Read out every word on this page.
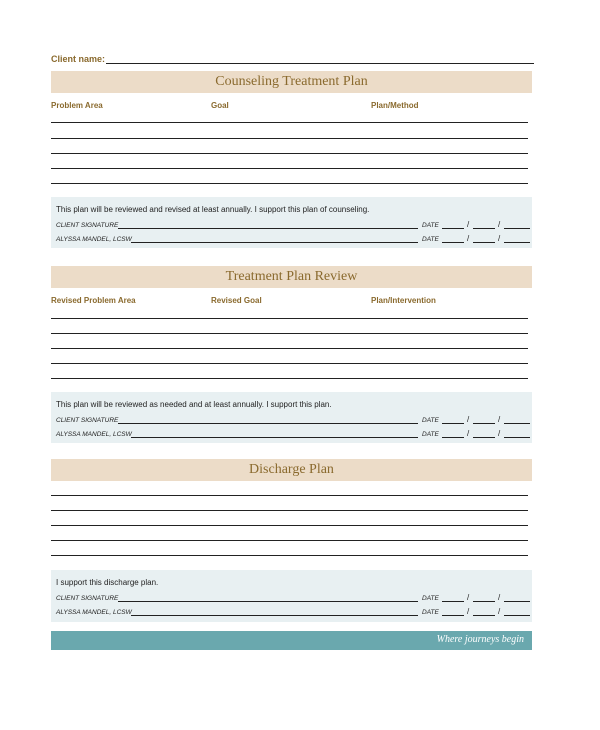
Client name:
Counseling Treatment Plan
Problem Area	Goal	Plan/Method
This plan will be reviewed and revised at least annually. I support this plan of counseling.
CLIENT SIGNATURE	DATE	/	/
ALYSSA MANDEL, LCSW	DATE	/	/
Treatment Plan Review
Revised Problem Area	Revised Goal	Plan/Intervention
This plan will be reviewed as needed and at least annually. I support this plan.
CLIENT SIGNATURE	DATE	/	/
ALYSSA MANDEL, LCSW	DATE	/	/
Discharge Plan
I support this discharge plan.
CLIENT SIGNATURE	DATE	/	/
ALYSSA MANDEL, LCSW	DATE	/	/
Where journeys begin
